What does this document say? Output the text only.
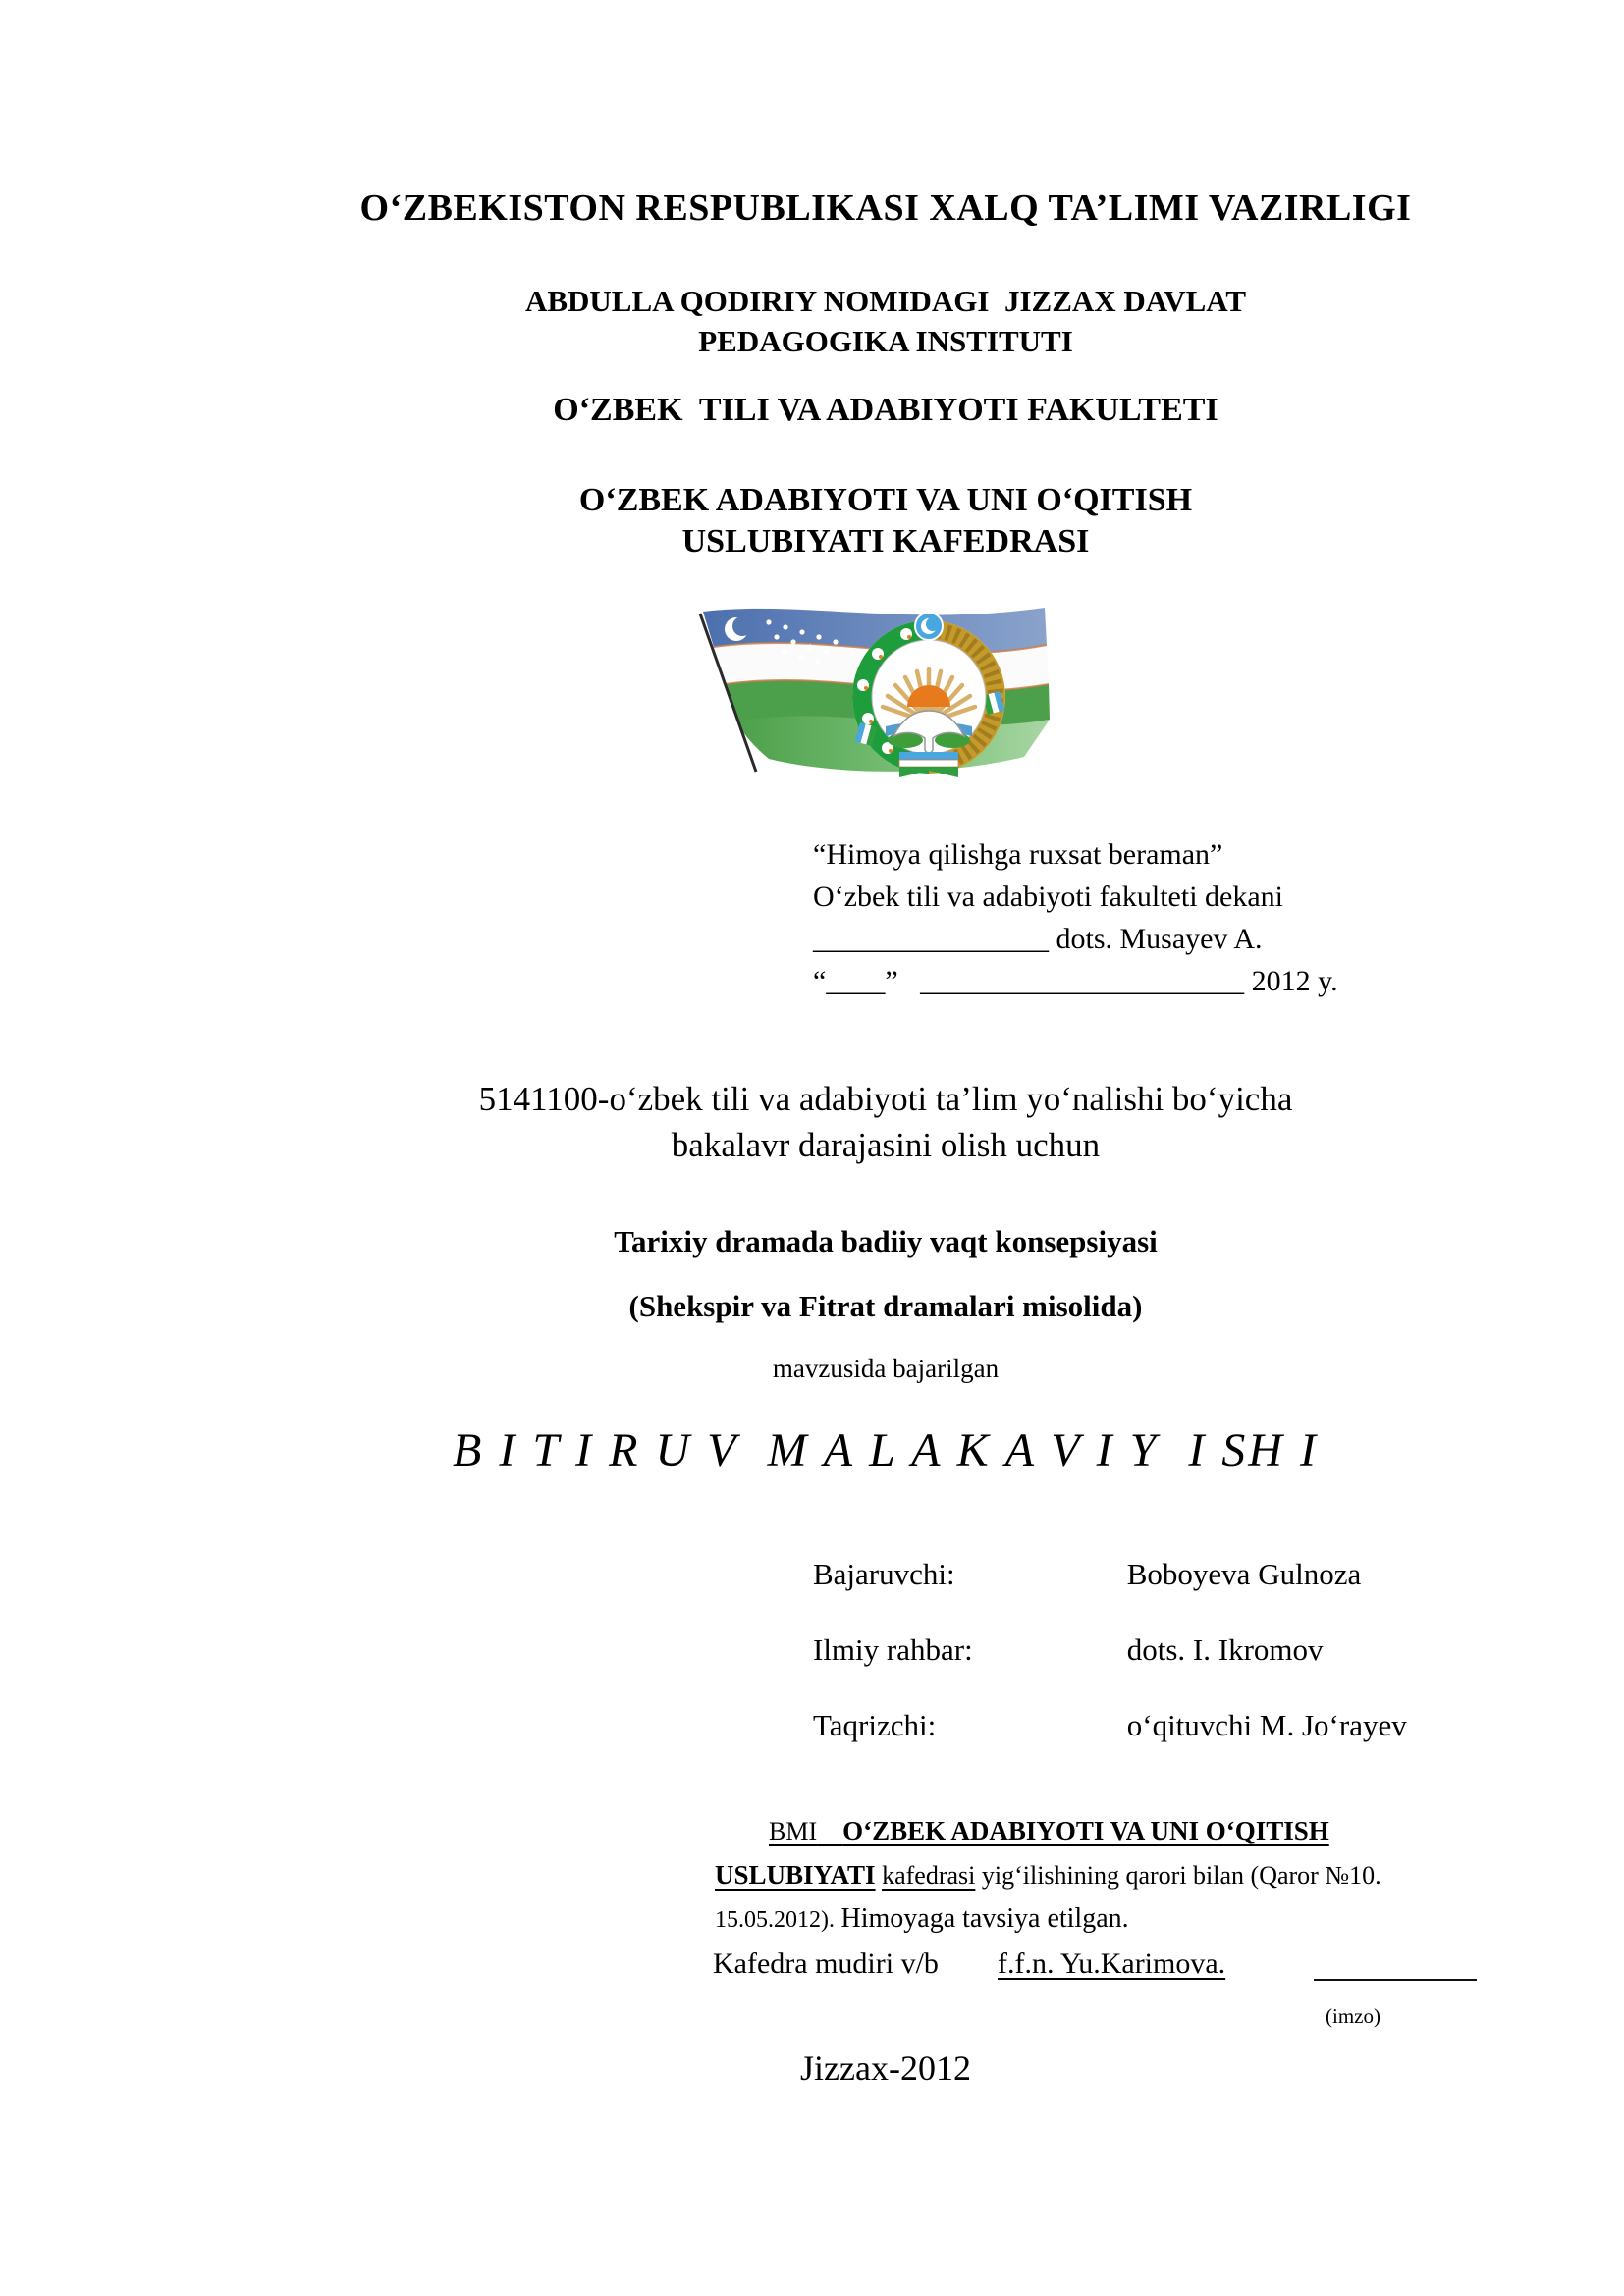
O‘ZBEKISTON RESPUBLIKASI XALQ TA’LIMI VAZIRLIGI
ABDULLA QODIRIY NOMIDAGI  JIZZAX DAVLAT
PEDAGOGIKA INSTITUTI
O‘ZBEK  TILI VA ADABIYOTI FAKULTETI
O‘ZBEK ADABIYOTI VA UNI O‘QITISH
USLUBIYATI KAFEDRASI
“Himoya qilishga ruxsat beraman”
O‘zbek tili va adabiyoti fakulteti dekani
________________ dots. Musayev A.
“____”   ______________________ 2012 y.
5141100-o‘zbek tili va adabiyoti ta’lim yo‘nalishi bo‘yicha
bakalavr darajasini olish uchun
Tarixiy dramada badiiy vaqt konsepsiyasi
(Shekspir va Fitrat dramalari misolida)
mavzusida bajarilgan
B I T I R U V  M A L A K A V I Y  I SH I
Bajaruvchi:	Boboyeva Gulnoza
Ilmiy rahbar:	dots. I. Ikromov
Taqrizchi:	o‘qituvchi M. Jo‘rayev
BMI O‘ZBEK ADABIYOTI VA UNI O‘QITISH
USLUBIYATI kafedrasi yig‘ilishining qarori bilan (Qaror №10.
15.05.2012). Himoyaga tavsiya etilgan.
Kafedra mudiri v/b f.f.n. Yu.Karimova.
(imzo)
Jizzax-2012
